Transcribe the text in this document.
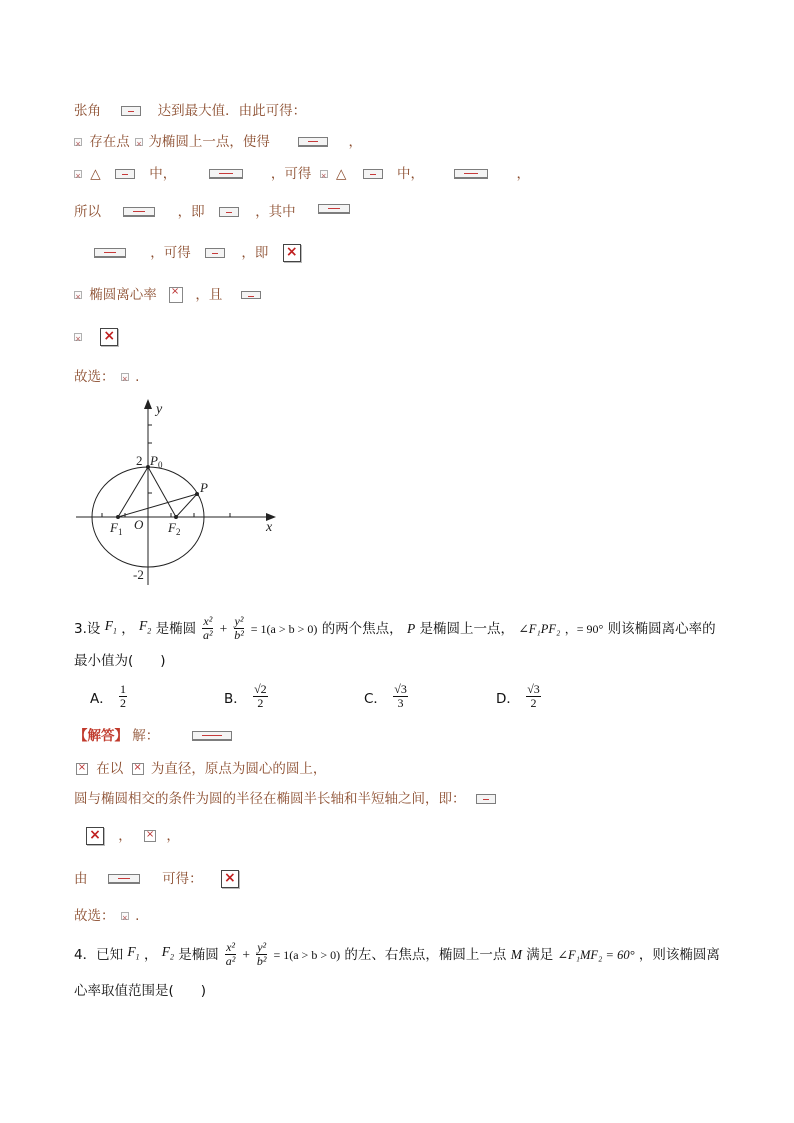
张角	达到最大值．由此可得：
× 存在点 × 为椭圆上一点，使得	，
× △	中，	，可得 × △	中，	，
所以	，即	，其中
，可得	，即 ×
× 椭圆离心率 ×	，且
× ×
故选： × .
y
x
2
-2
$P_0$
P
$F_1$ O $F_2$
3.设 $F_1$ ， $F_2$ 是椭圆 $\frac{\text{x²}}{\text{a²}} + \frac{\text{y²}}{\text{b²}} = 1(a > b > 0)$ 的两个焦点， P 是椭圆上一点， ∠F₁PF₂ ，= 90° 则该椭圆离心率的
最小值为(　　)
A． $\frac{1}{2}$	B． $\frac{√2}{2}$	C． $\frac{√3}{3}$	D． $\frac{√3}{2}$
【解答】 解：
× 在以 × 为直径，原点为圆心的圆上，
圆与椭圆相交的条件为圆的半径在椭圆半长轴和半短轴之间，即：
× ， ×	，
由	可得： ×
故选： × .
4．已知 $F_1$ ， $F_2$ 是椭圆 $\frac{\text{x²}}{\text{a²}} + \frac{\text{y²}}{\text{b²}} = 1(a > b > 0)$ 的左、右焦点，椭圆上一点 M 满足 ∠F₁MF₂ = 60° ，则该椭圆离
心率取值范围是(　　)
